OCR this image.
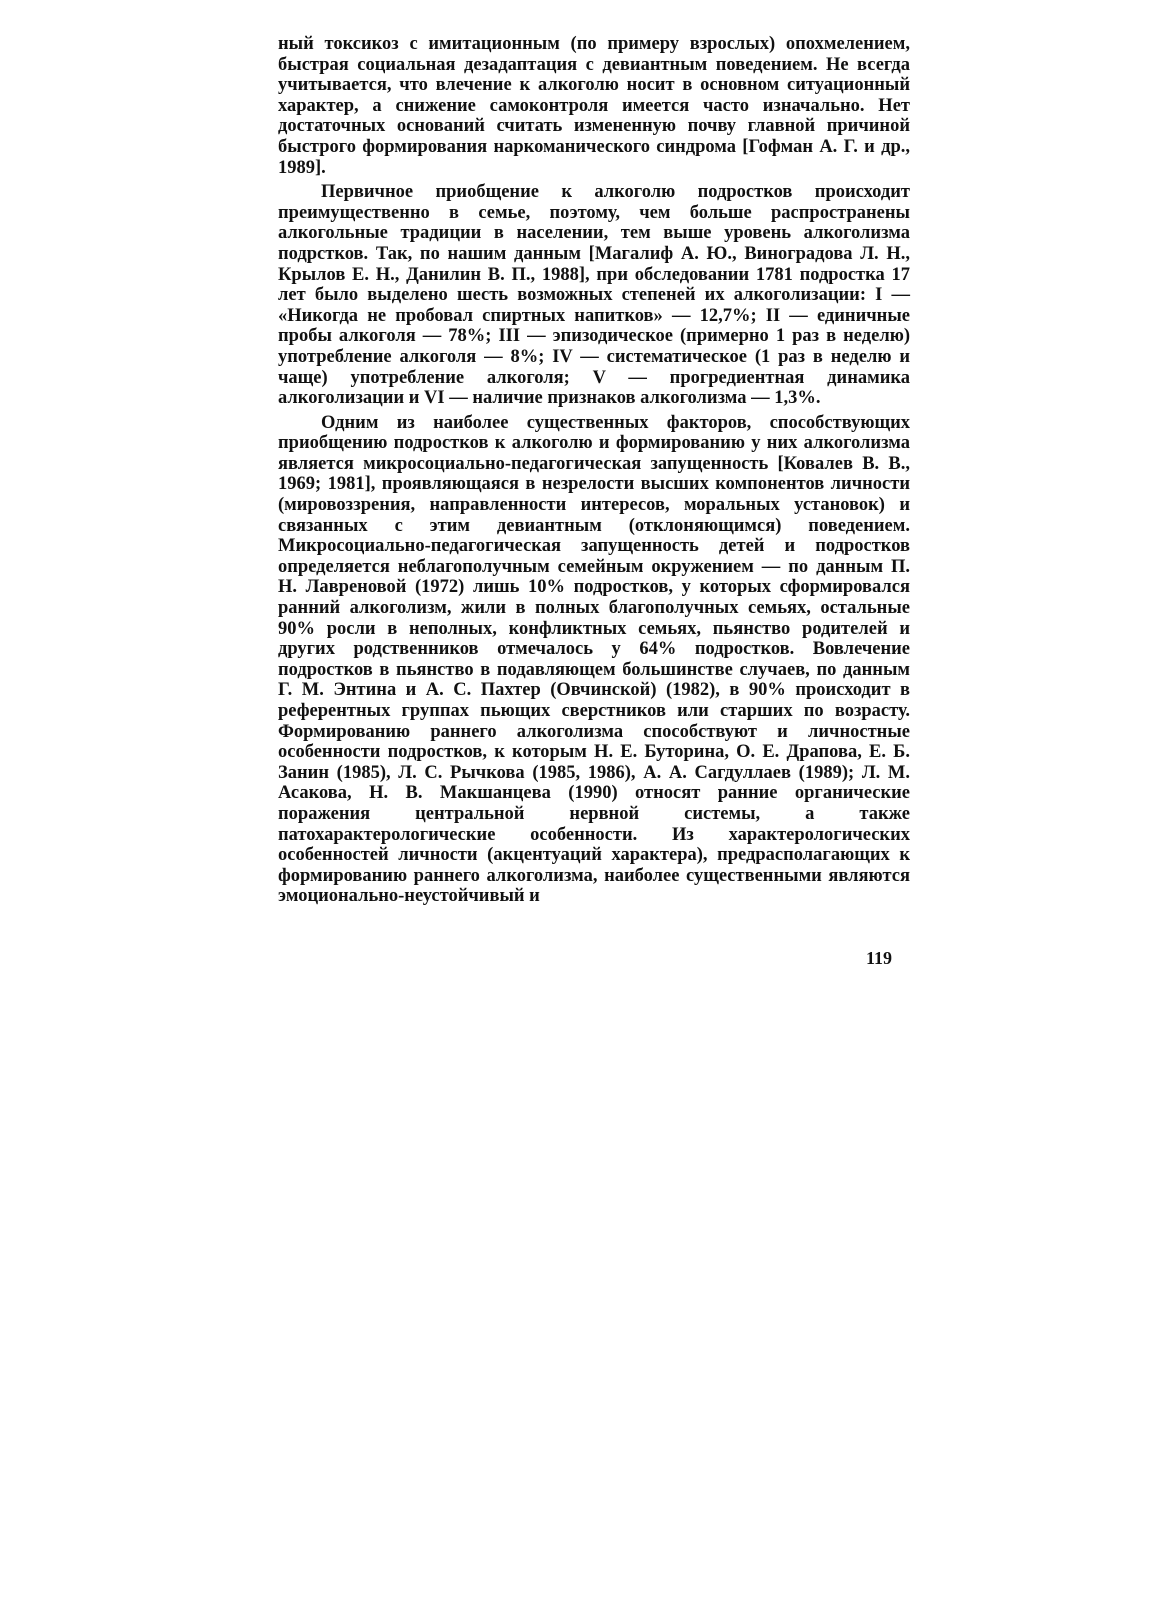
ный токсикоз с имитационным (по примеру взрослых) опохмелением, быстрая социальная дезадаптация с девиантным поведением. Не всегда учитывается, что влечение к алкоголю носит в основном ситуационный характер, а снижение самоконтроля имеется часто изначально. Нет достаточных оснований считать измененную почву главной причиной быстрого формирования наркоманического синдрома [Гофман А. Г. и др., 1989].

Первичное приобщение к алкоголю подростков происходит преимущественно в семье, поэтому, чем больше распространены алкогольные традиции в населении, тем выше уровень алкоголизма подрстков. Так, по нашим данным [Магалиф А. Ю., Виноградова Л. Н., Крылов Е. Н., Данилин В. П., 1988], при обследовании 1781 подростка 17 лет было выделено шесть возможных степеней их алкоголизации: I — «Никогда не пробовал спиртных напитков» — 12,7%; II — единичные пробы алкоголя — 78%; III — эпизодическое (примерно 1 раз в неделю) употребление алкоголя — 8%; IV — систематическое (1 раз в неделю и чаще) употребление алкоголя; V — прогредиентная динамика алкоголизации и VI — наличие признаков алкоголизма — 1,3%.

Одним из наиболее существенных факторов, способствующих приобщению подростков к алкоголю и формированию у них алкоголизма является микросоциально-педагогическая запущенность [Ковалев В. В., 1969; 1981], проявляющаяся в незрелости высших компонентов личности (мировоззрения, направленности интересов, моральных установок) и связанных с этим девиантным (отклоняющимся) поведением. Микросоциально-педагогическая запущенность детей и подростков определяется неблагополучным семейным окружением — по данным П. Н. Лавреновой (1972) лишь 10% подростков, у которых сформировался ранний алкоголизм, жили в полных благополучных семьях, остальные 90% росли в неполных, конфликтных семьях, пьянство родителей и других родственников отмечалось у 64% подростков. Вовлечение подростков в пьянство в подавляющем большинстве случаев, по данным Г. М. Энтина и А. С. Пахтер (Овчинской) (1982), в 90% происходит в референтных группах пьющих сверстников или старших по возрасту. Формированию раннего алкоголизма способствуют и личностные особенности подростков, к которым Н. Е. Буторина, О. Е. Драпова, Е. Б. Занин (1985), Л. С. Рычкова (1985, 1986), А. А. Сагдуллаев (1989); Л. М. Асакова, Н. В. Макшанцева (1990) относят ранние органические поражения центральной нервной системы, а также патохарактерологические особенности. Из характерологических особенностей личности (акцентуаций характера), предрасполагающих к формированию раннего алкоголизма, наиболее существенными являются эмоционально-неустойчивый и

119
